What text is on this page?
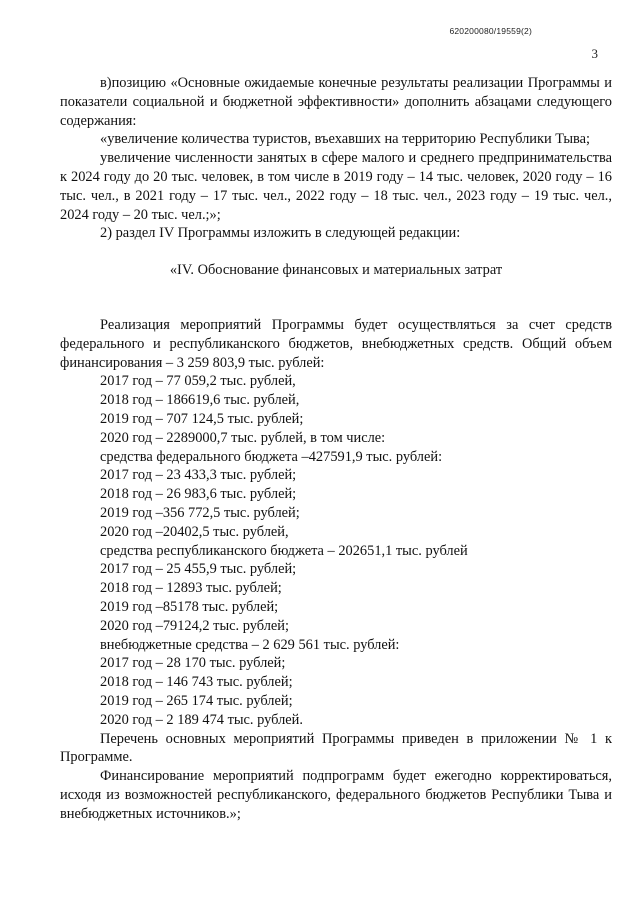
620200080/19559(2)
3

в)позицию «Основные ожидаемые конечные результаты реализации Программы и показатели социальной и бюджетной эффективности» дополнить абзацами следующего содержания:

«увеличение количества туристов, въехавших на территорию Республики Тыва;

увеличение численности занятых в сфере малого и среднего предпринимательства к 2024 году до 20 тыс. человек, в том числе в 2019 году – 14 тыс. человек, 2020 году – 16 тыс. чел., в 2021 году – 17 тыс. чел., 2022 году – 18 тыс. чел., 2023 году – 19 тыс. чел., 2024 году – 20 тыс. чел.;»;

2) раздел IV Программы изложить в следующей редакции:

«IV. Обоснование финансовых и материальных затрат

Реализация мероприятий Программы будет осуществляться за счет средств федерального и республиканского бюджетов, внебюджетных средств. Общий объем финансирования – 3 259 803,9 тыс. рублей:

2017 год – 77 059,2 тыс. рублей,

2018 год – 186619,6 тыс. рублей,

2019 год – 707 124,5 тыс. рублей;

2020 год – 2289000,7 тыс. рублей, в том числе:

средства федерального бюджета –427591,9 тыс. рублей:

2017 год – 23 433,3 тыс. рублей;

2018 год – 26 983,6 тыс. рублей;

2019 год –356 772,5 тыс. рублей;

2020 год –20402,5 тыс. рублей,

средства республиканского бюджета – 202651,1 тыс. рублей

2017 год – 25 455,9 тыс. рублей;

2018 год – 12893 тыс. рублей;

2019 год –85178 тыс. рублей;

2020 год –79124,2 тыс. рублей;

внебюджетные средства – 2 629 561 тыс. рублей:

2017 год – 28 170 тыс. рублей;

2018 год – 146 743 тыс. рублей;

2019 год – 265 174 тыс. рублей;

2020 год – 2 189 474 тыс. рублей.

Перечень основных мероприятий Программы приведен в приложении № 1 к Программе.

Финансирование мероприятий подпрограмм будет ежегодно корректироваться, исходя из возможностей республиканского, федерального бюджетов Республики Тыва и внебюджетных источников.»;
